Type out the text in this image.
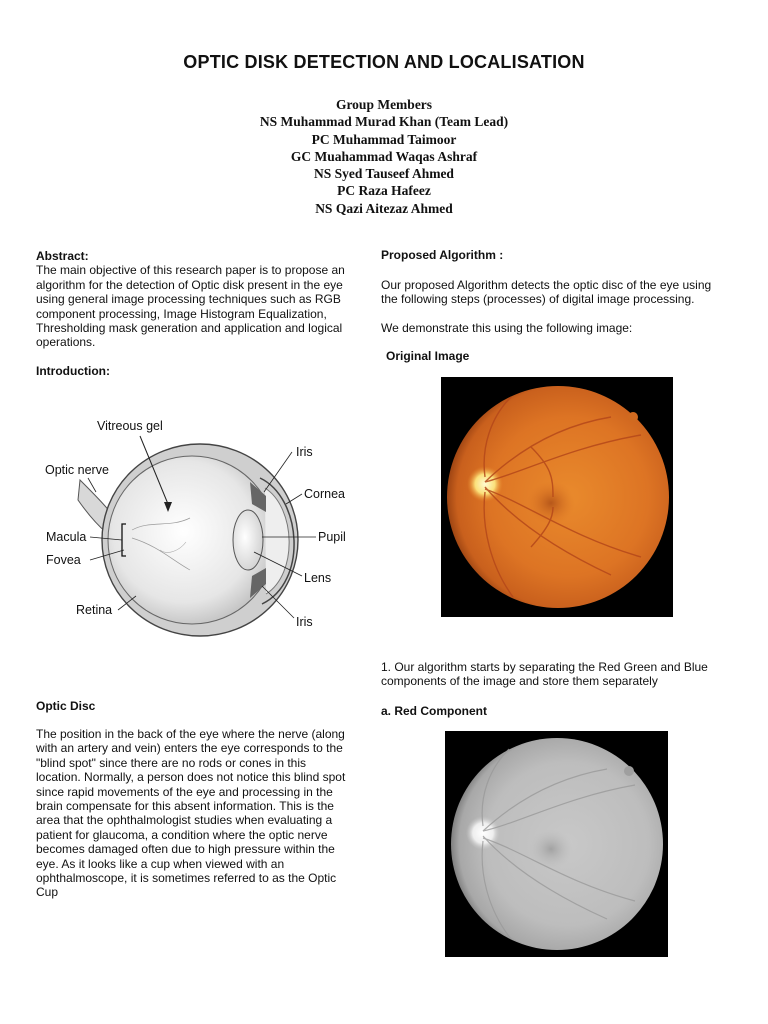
OPTIC DISK DETECTION AND LOCALISATION
Group Members
NS Muhammad Murad Khan (Team Lead)
PC Muhammad Taimoor
GC Muahammad Waqas Ashraf
NS Syed Tauseef Ahmed
PC Raza Hafeez
NS Qazi Aitezaz Ahmed
Abstract:
The main objective of this research paper is to propose an
algorithm for the detection of Optic disk present in the eye
using general image processing techniques such as RGB
component processing, Image Histogram Equalization,
Thresholding mask generation and application and logical
operations.
Introduction:
Vitreous gel
Optic nerve
Iris
Cornea
Macula	Pupil
Fovea
Lens
Retina
Iris
Optic Disc
The position in the back of the eye where the nerve (along
with an artery and vein) enters the eye corresponds to the
"blind spot" since there are no rods or cones in this
location. Normally, a person does not notice this blind spot
since rapid movements of the eye and processing in the
brain compensate for this absent information. This is the
area that the ophthalmologist studies when evaluating a
patient for glaucoma, a condition where the optic nerve
becomes damaged often due to high pressure within the
eye. As it looks like a cup when viewed with an
ophthalmoscope, it is sometimes referred to as the Optic
Cup
Proposed Algorithm :
Our proposed Algorithm detects the optic disc of the eye using
the following steps (processes) of digital image processing.
We demonstrate this using the following image:
Original Image
1. Our algorithm starts by separating the Red Green and Blue
components of the image and store them separately
a. Red Component
